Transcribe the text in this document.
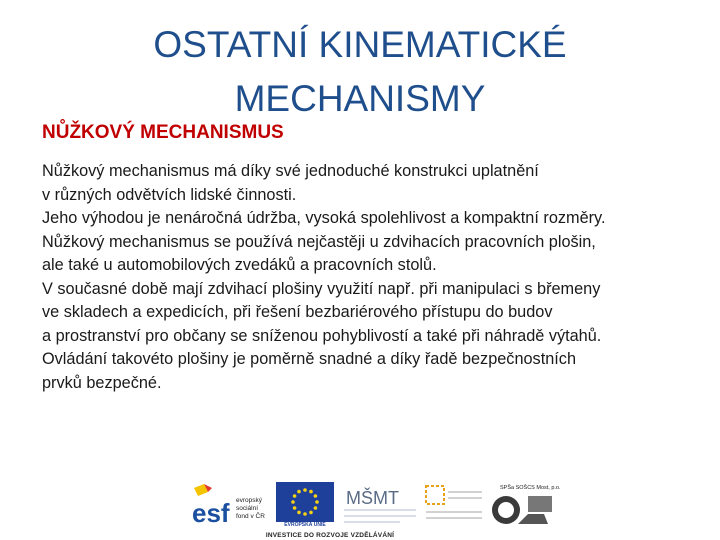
OSTATNÍ KINEMATICKÉ
MECHANISMY
NŮŽKOVÝ MECHANISMUS
Nůžkový mechanismus má díky své jednoduché konstrukci uplatnění
v různých odvětvích lidské činnosti.
Jeho výhodou je nenáročná údržba, vysoká spolehlivost a kompaktní rozměry.
Nůžkový mechanismus se používá nejčastěji u zdvihacích pracovních plošin,
ale také u automobilových zvedáků a pracovních stolů.
V současné době mají zdvihací plošiny využití např. při manipulaci s břemeny
ve skladech a expedicích, při řešení bezbariérového přístupu do budov
a prostranství pro občany se sníženou pohyblivostí a také při náhradě výtahů.
Ovládání takovéto plošiny je poměrně snadné a díky řadě bezpečnostních
prvků bezpečné.
esf evropský
sociální
fond v ČR
EVROPSKÁ UNIE
MŠMT	SPŠa SOŠCS Most, p.o.
INVESTICE DO ROZVOJE VZDĚLÁVÁNÍ
